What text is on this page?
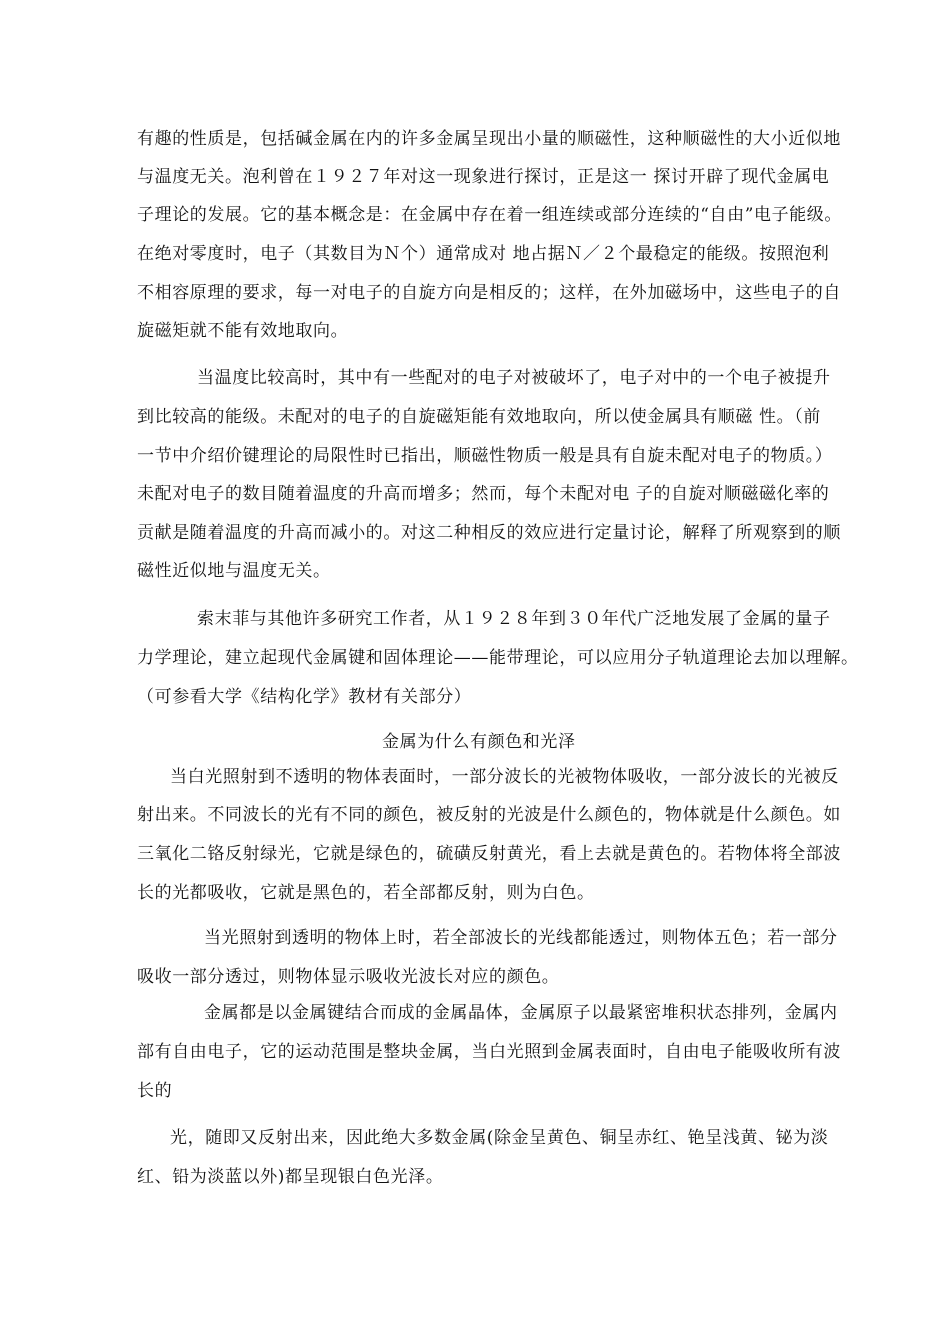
有趣的性质是，包括碱金属在内的许多金属呈现出小量的顺磁性，这种顺磁性的大小近似地
与温度无关。泡利曾在１９２７年对这一现象进行探讨，正是这一 探讨开辟了现代金属电
子理论的发展。它的基本概念是：在金属中存在着一组连续或部分连续的“自由”电子能级。
在绝对零度时，电子（其数目为Ｎ个）通常成对 地占据Ｎ／２个最稳定的能级。按照泡利
不相容原理的要求，每一对电子的自旋方向是相反的；这样，在外加磁场中，这些电子的自
旋磁矩就不能有效地取向。
当温度比较高时，其中有一些配对的电子对被破坏了，电子对中的一个电子被提升
到比较高的能级。未配对的电子的自旋磁矩能有效地取向，所以使金属具有顺磁 性。（前
一节中介绍价键理论的局限性时已指出，顺磁性物质一般是具有自旋未配对电子的物质。）
未配对电子的数目随着温度的升高而增多；然而，每个未配对电 子的自旋对顺磁磁化率的
贡献是随着温度的升高而减小的。对这二种相反的效应进行定量讨论，解释了所观察到的顺
磁性近似地与温度无关。
索末菲与其他许多研究工作者，从１９２８年到３０年代广泛地发展了金属的量子
力学理论，建立起现代金属键和固体理论——能带理论，可以应用分子轨道理论去加以理解。
（可参看大学《结构化学》教材有关部分）
金属为什么有颜色和光泽
当白光照射到不透明的物体表面时，一部分波长的光被物体吸收，一部分波长的光被反
射出来。不同波长的光有不同的颜色，被反射的光波是什么颜色的，物体就是什么颜色。如
三氧化二铬反射绿光，它就是绿色的，硫磺反射黄光，看上去就是黄色的。若物体将全部波
长的光都吸收，它就是黑色的，若全部都反射，则为白色。
当光照射到透明的物体上时，若全部波长的光线都能透过，则物体五色；若一部分
吸收一部分透过，则物体显示吸收光波长对应的颜色。
金属都是以金属键结合而成的金属晶体，金属原子以最紧密堆积状态排列，金属内
部有自由电子，它的运动范围是整块金属，当白光照到金属表面时，自由电子能吸收所有波
长的
光，随即又反射出来，因此绝大多数金属(除金呈黄色、铜呈赤红、铯呈浅黄、铋为淡
红、铅为淡蓝以外)都呈现银白色光泽。
